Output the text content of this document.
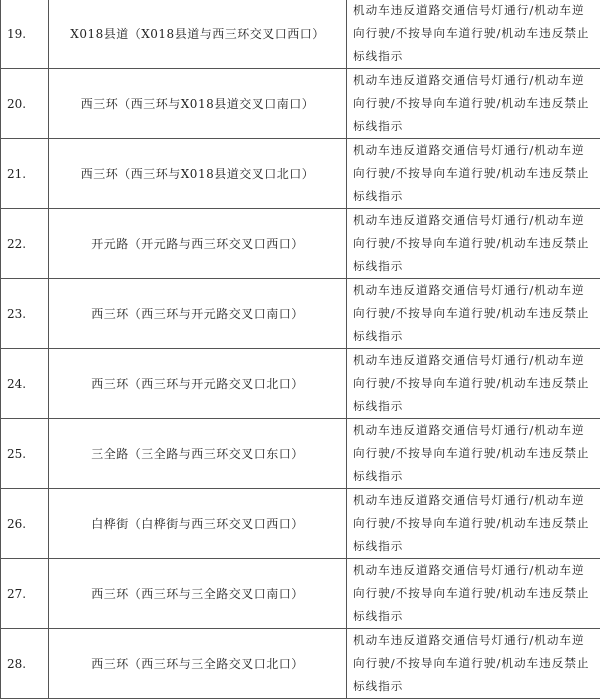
19.	X018县道（X018县道与西三环交叉口西口）	机动车违反道路交通信号灯通行/机动车逆向行驶/不按导向车道行驶/机动车违反禁止标线指示
20.	西三环（西三环与X018县道交叉口南口）	机动车违反道路交通信号灯通行/机动车逆向行驶/不按导向车道行驶/机动车违反禁止标线指示
21.	西三环（西三环与X018县道交叉口北口）	机动车违反道路交通信号灯通行/机动车逆向行驶/不按导向车道行驶/机动车违反禁止标线指示
22.	开元路（开元路与西三环交叉口西口）	机动车违反道路交通信号灯通行/机动车逆向行驶/不按导向车道行驶/机动车违反禁止标线指示
23.	西三环（西三环与开元路交叉口南口）	机动车违反道路交通信号灯通行/机动车逆向行驶/不按导向车道行驶/机动车违反禁止标线指示
24.	西三环（西三环与开元路交叉口北口）	机动车违反道路交通信号灯通行/机动车逆向行驶/不按导向车道行驶/机动车违反禁止标线指示
25.	三全路（三全路与西三环交叉口东口）	机动车违反道路交通信号灯通行/机动车逆向行驶/不按导向车道行驶/机动车违反禁止标线指示
26.	白桦街（白桦街与西三环交叉口西口）	机动车违反道路交通信号灯通行/机动车逆向行驶/不按导向车道行驶/机动车违反禁止标线指示
27.	西三环（西三环与三全路交叉口南口）	机动车违反道路交通信号灯通行/机动车逆向行驶/不按导向车道行驶/机动车违反禁止标线指示
28.	西三环（西三环与三全路交叉口北口）	机动车违反道路交通信号灯通行/机动车逆向行驶/不按导向车道行驶/机动车违反禁止标线指示
